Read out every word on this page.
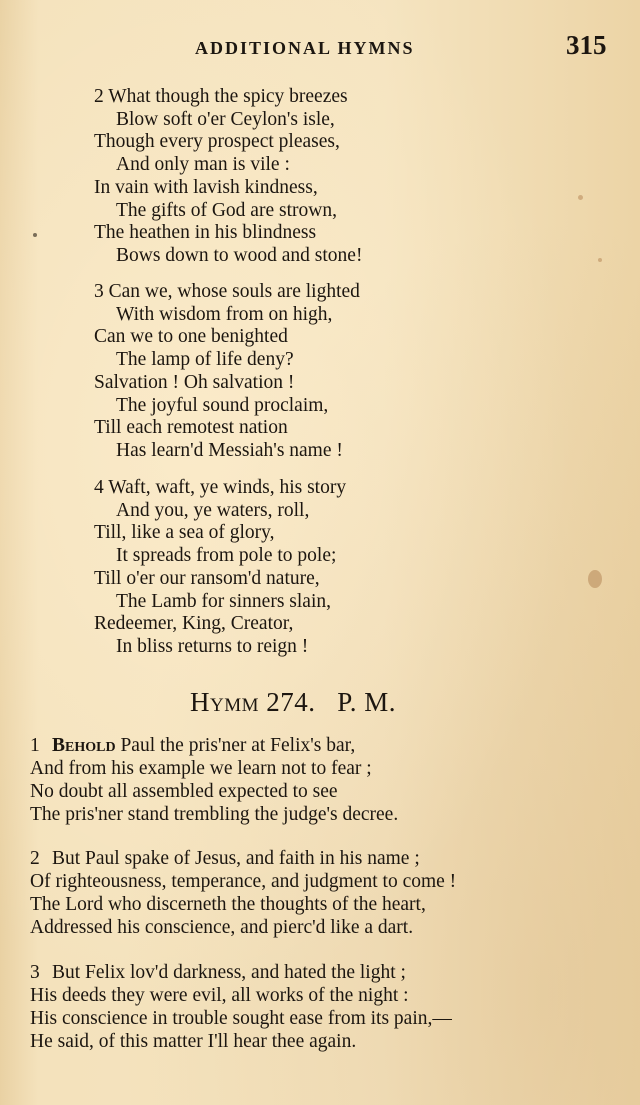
ADDITIONAL HYMNS	315
2 What though the spicy breezes
Blow soft o'er Ceylon's isle,
Though every prospect pleases,
And only man is vile :
In vain with lavish kindness,
The gifts of God are strown,
The heathen in his blindness
Bows down to wood and stone!
3 Can we, whose souls are lighted
With wisdom from on high,
Can we to one benighted
The lamp of life deny?
Salvation ! Oh salvation !
The joyful sound proclaim,
Till each remotest nation
Has learn'd Messiah's name !
4 Waft, waft, ye winds, his story
And you, ye waters, roll,
Till, like a sea of glory,
It spreads from pole to pole;
Till o'er our ransom'd nature,
The Lamb for sinners slain,
Redeemer, King, Creator,
In bliss returns to reign !
Hymm 274. P. M.
1 Behold Paul the pris'ner at Felix's bar,
And from his example we learn not to fear ;
No doubt all assembled expected to see
The pris'ner stand trembling the judge's decree.
2 But Paul spake of Jesus, and faith in his name ;
Of righteousness, temperance, and judgment to come !
The Lord who discerneth the thoughts of the heart,
Addressed his conscience, and pierc'd like a dart.
3 But Felix lov'd darkness, and hated the light ;
His deeds they were evil, all works of the night :
His conscience in trouble sought ease from its pain,—
He said, of this matter I'll hear thee again.
